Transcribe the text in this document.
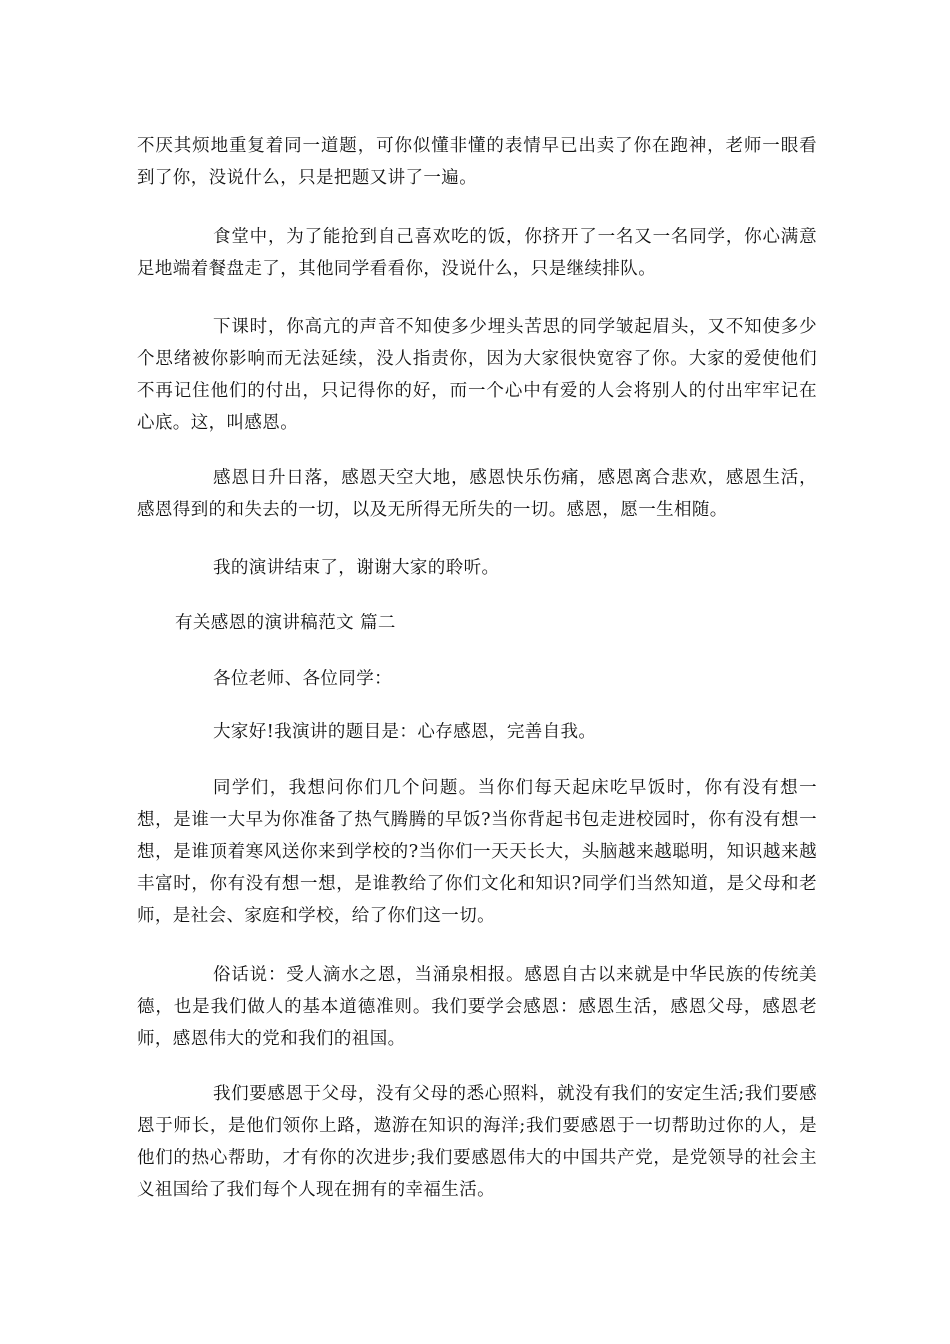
不厌其烦地重复着同一道题，可你似懂非懂的表情早已出卖了你在跑神，老师一眼看到了你，没说什么，只是把题又讲了一遍。

食堂中，为了能抢到自己喜欢吃的饭，你挤开了一名又一名同学，你心满意足地端着餐盘走了，其他同学看看你，没说什么，只是继续排队。

下课时，你高亢的声音不知使多少埋头苦思的同学皱起眉头，又不知使多少个思绪被你影响而无法延续，没人指责你，因为大家很快宽容了你。大家的爱使他们不再记住他们的付出，只记得你的好，而一个心中有爱的人会将别人的付出牢牢记在心底。这，叫感恩。

感恩日升日落，感恩天空大地，感恩快乐伤痛，感恩离合悲欢，感恩生活，感恩得到的和失去的一切，以及无所得无所失的一切。感恩，愿一生相随。

我的演讲结束了，谢谢大家的聆听。

有关感恩的演讲稿范文 篇二

各位老师、各位同学：

大家好!我演讲的题目是：心存感恩，完善自我。

同学们，我想问你们几个问题。当你们每天起床吃早饭时，你有没有想一想，是谁一大早为你准备了热气腾腾的早饭?当你背起书包走进校园时，你有没有想一想，是谁顶着寒风送你来到学校的?当你们一天天长大，头脑越来越聪明，知识越来越丰富时，你有没有想一想，是谁教给了你们文化和知识?同学们当然知道，是父母和老师，是社会、家庭和学校，给了你们这一切。

俗话说：受人滴水之恩，当涌泉相报。感恩自古以来就是中华民族的传统美德，也是我们做人的基本道德准则。我们要学会感恩：感恩生活，感恩父母，感恩老师，感恩伟大的党和我们的祖国。

我们要感恩于父母，没有父母的悉心照料，就没有我们的安定生活;我们要感恩于师长，是他们领你上路，遨游在知识的海洋;我们要感恩于一切帮助过你的人，是他们的热心帮助，才有你的次进步;我们要感恩伟大的中国共产党，是党领导的社会主义祖国给了我们每个人现在拥有的幸福生活。
